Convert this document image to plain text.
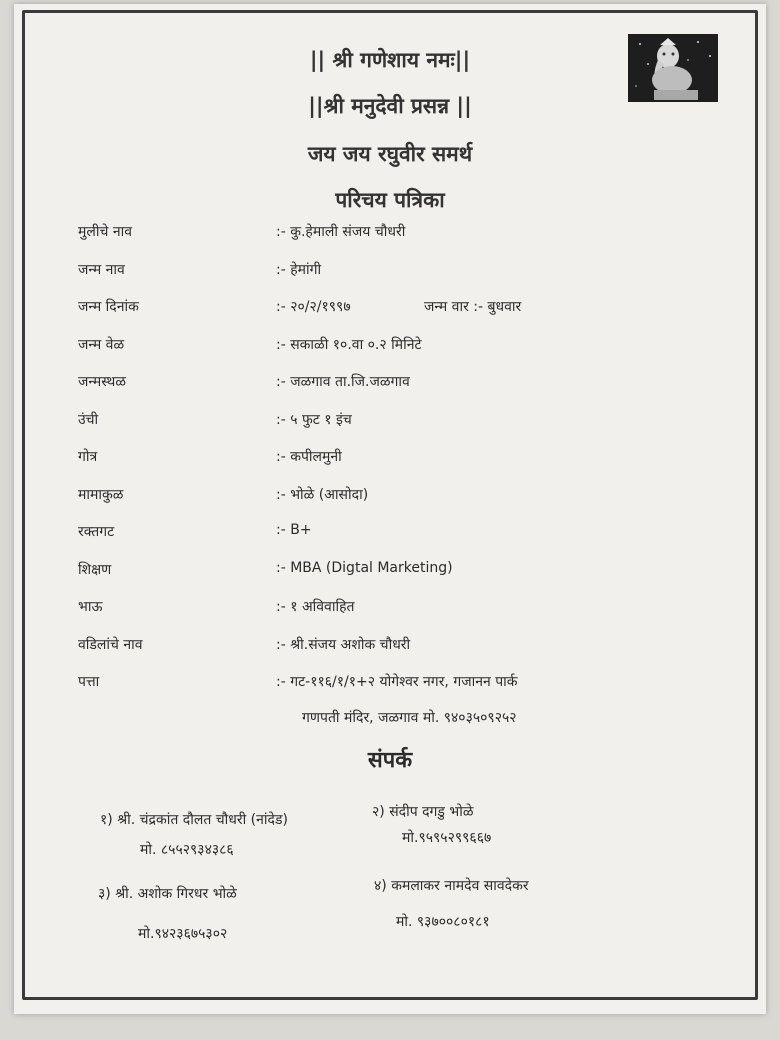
|| श्री गणेशाय नमः||
||श्री मनुदेवी प्रसन्न ||
जय जय रघुवीर समर्थ
परिचय पत्रिका
मुलीचे नाव	:- कु.हेमाली संजय चौधरी
जन्म नाव	:- हेमांगी
जन्म दिनांक	:- २०/२/१९९७	जन्म वार :- बुधवार
जन्म वेळ	:- सकाळी १०.वा ०.२ मिनिटे
जन्मस्थळ	:- जळगाव ता.जि.जळगाव
उंची	:- ५ फुट १ इंच
गोत्र	:- कपीलमुनी
मामाकुळ	:- भोळे (आसोदा)
रक्तगट	:- B+
शिक्षण	:- MBA (Digtal Marketing)
भाऊ	:- १ अविवाहित
वडिलांचे नाव	:- श्री.संजय अशोक चौधरी
पत्ता	:- गट-११६/१/१+२ योगेश्वर नगर, गजानन पार्क
गणपती मंदिर, जळगाव मो. ९४०३५०९२५२
संपर्क
१) श्री. चंद्रकांत दौलत चौधरी (नांदेड)
मो. ८५५२९३४३८६
२) संदीप दगडु भोळे
मो.९५९५२९९६६७
३) श्री. अशोक गिरधर भोळे
मो.९४२३६७५३०२
४) कमलाकर नामदेव सावदेकर
मो. ९३७००८०१८१
